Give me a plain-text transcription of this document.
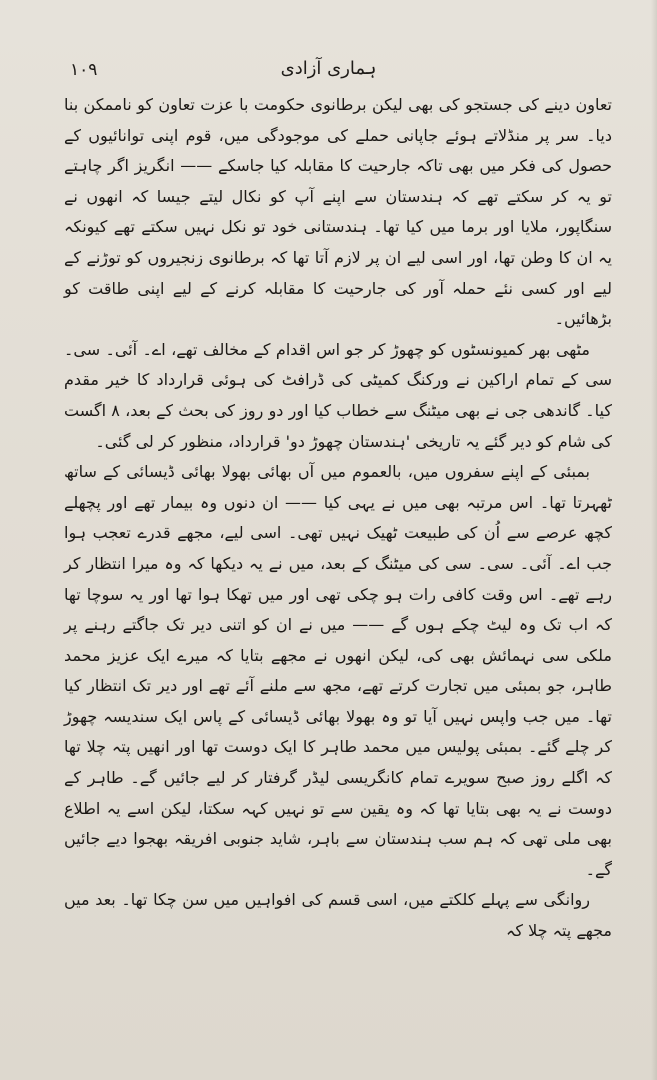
١٠٩	ہماری آزادی

تعاون دینے کی جستجو کی بھی لیکن برطانوی حکومت با عزت تعاون کو ناممکن بنا دیا۔ سر پر منڈلاتے ہوئے جاپانی حملے کی موجودگی میں، قوم اپنی توانائیوں کے حصول کی فکر میں بھی تاکہ جارحیت کا مقابلہ کیا جاسکے —— انگریز اگر چاہتے تو یہ کر سکتے تھے کہ ہندستان سے اپنے آپ کو نکال لیتے جیسا کہ انھوں نے سنگاپور، ملایا اور برما میں کیا تھا۔ ہندستانی خود تو نکل نہیں سکتے تھے کیونکہ یہ ان کا وطن تھا، اور اسی لیے ان پر لازم آتا تھا کہ برطانوی زنجیروں کو توڑنے کے لیے اور کسی نئے حملہ آور کی جارحیت کا مقابلہ کرنے کے لیے اپنی طاقت کو بڑھائیں۔

مٹھی بھر کمیونسٹوں کو چھوڑ کر جو اس اقدام کے مخالف تھے، اے۔ آئی۔ سی۔ سی کے تمام اراکین نے ورکنگ کمیٹی کی ڈرافٹ کی ہوئی قرارداد کا خیر مقدم کیا۔ گاندھی جی نے بھی میٹنگ سے خطاب کیا اور دو روز کی بحث کے بعد، ۸ اگست کی شام کو دیر گئے یہ تاریخی 'ہندستان چھوڑ دو' قرارداد، منظور کر لی گئی۔

بمبئی کے اپنے سفروں میں، بالعموم میں آں بھائی بھولا بھائی ڈیسائی کے ساتھ ٹھہرتا تھا۔ اس مرتبہ بھی میں نے یہی کیا —— ان دنوں وہ بیمار تھے اور پچھلے کچھ عرصے سے اُن کی طبیعت ٹھیک نہیں تھی۔ اسی لیے، مجھے قدرے تعجب ہوا جب اے۔ آئی۔ سی۔ سی کی میٹنگ کے بعد، میں نے یہ دیکھا کہ وہ میرا انتظار کر رہے تھے۔ اس وقت کافی رات ہو چکی تھی اور میں تھکا ہوا تھا اور یہ سوچا تھا کہ اب تک وہ لیٹ چکے ہوں گے —— میں نے ان کو اتنی دیر تک جاگتے رہنے پر ملکی سی نہمائش بھی کی، لیکن انھوں نے مجھے بتایا کہ میرے ایک عزیز محمد طاہر، جو بمبئی میں تجارت کرتے تھے، مجھ سے ملنے آئے تھے اور دیر تک انتظار کیا تھا۔ میں جب واپس نہیں آیا تو وہ بھولا بھائی ڈیسائی کے پاس ایک سندیسہ چھوڑ کر چلے گئے۔ بمبئی پولیس میں محمد طاہر کا ایک دوست تھا اور انھیں پتہ چلا تھا کہ اگلے روز صبح سویرے تمام کانگریسی لیڈر گرفتار کر لیے جائیں گے۔ طاہر کے دوست نے یہ بھی بتایا تھا کہ وہ یقین سے تو نہیں کہہ سکتا، لیکن اسے یہ اطلاع بھی ملی تھی کہ ہم سب ہندستان سے باہر، شاید جنوبی افریقہ بھجوا دیے جائیں گے۔

روانگی سے پہلے کلکتے میں، اسی قسم کی افواہیں میں سن چکا تھا۔ بعد میں مجھے پتہ چلا کہ
